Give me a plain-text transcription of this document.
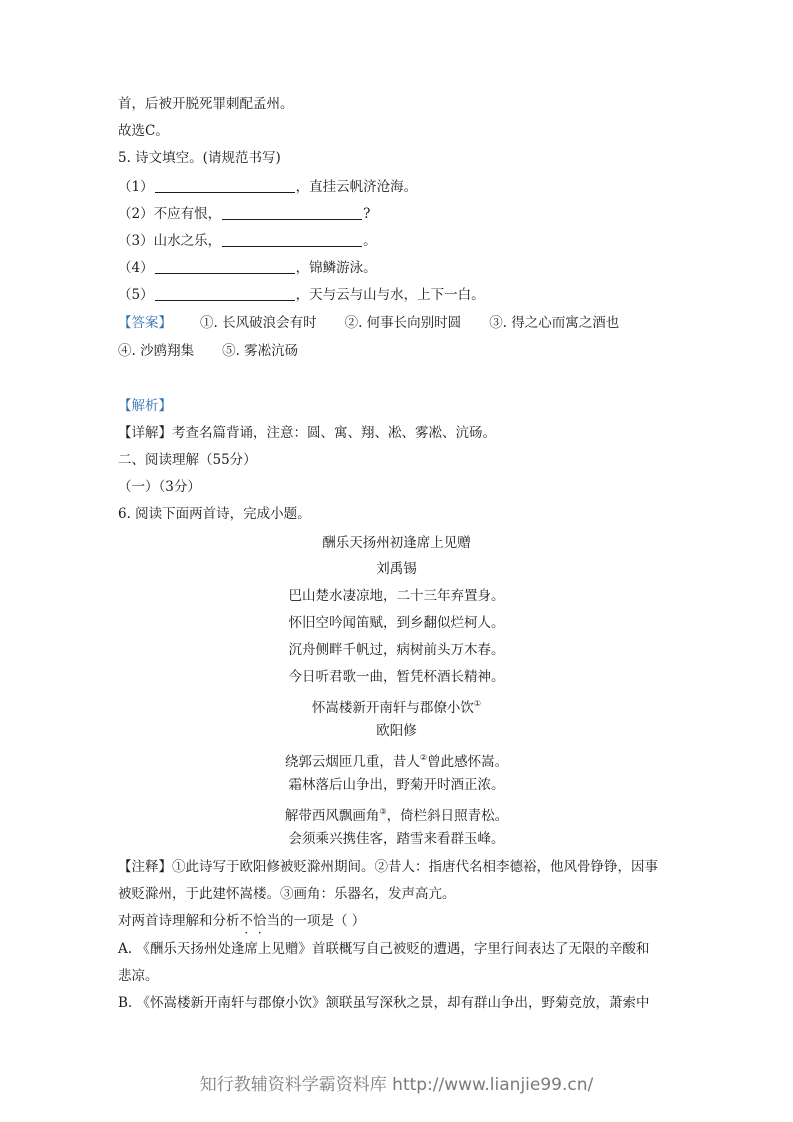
首，后被开脱死罪刺配孟州。
故选C。
5. 诗文填空。(请规范书写)
（1）	，直挂云帆济沧海。
（2）不应有恨，	?
（3）山水之乐，	。
（4）	，锦鳞游泳。
（5）	，天与云与山与水，上下一白。
【答案】 ①. 长风破浪会有时 ②. 何事长向别时圆 ③. 得之心而寓之酒也
④. 沙鸥翔集 ⑤. 雾凇沆砀
【解析】
【详解】考查名篇背诵，注意：圆、寓、翔、凇、雾凇、沆砀。
二、阅读理解（55分）
（一）（3分）
6. 阅读下面两首诗，完成小题。
酬乐天扬州初逢席上见赠
刘禹锡
巴山楚水凄凉地，二十三年弃置身。
怀旧空吟闻笛赋，到乡翻似烂柯人。
沉舟侧畔千帆过，病树前头万木春。
今日听君歌一曲，暂凭杯酒长精神。
怀嵩楼新开南轩与郡僚小饮①
欧阳修
绕郭云烟匝几重，昔人②曾此感怀嵩。
霜林落后山争出，野菊开时酒正浓。
解带西风飘画角③，倚栏斜日照青松。
会须乘兴携佳客，踏雪来看群玉峰。
【注释】①此诗写于欧阳修被贬滁州期间。②昔人：指唐代名相李德裕，他风骨铮铮，因事
被贬滁州，于此建怀嵩楼。③画角：乐器名，发声高亢。
对两首诗理解和分析不恰当的一项是（ ）
A. 《酬乐天扬州处逢席上见赠》首联概写自己被贬的遭遇，字里行间表达了无限的辛酸和
悲凉。
B. 《怀嵩楼新开南轩与郡僚小饮》颔联虽写深秋之景，却有群山争出，野菊竞放，萧索中
知行教辅资料学霸资料库 http://www.lianjie99.cn/
